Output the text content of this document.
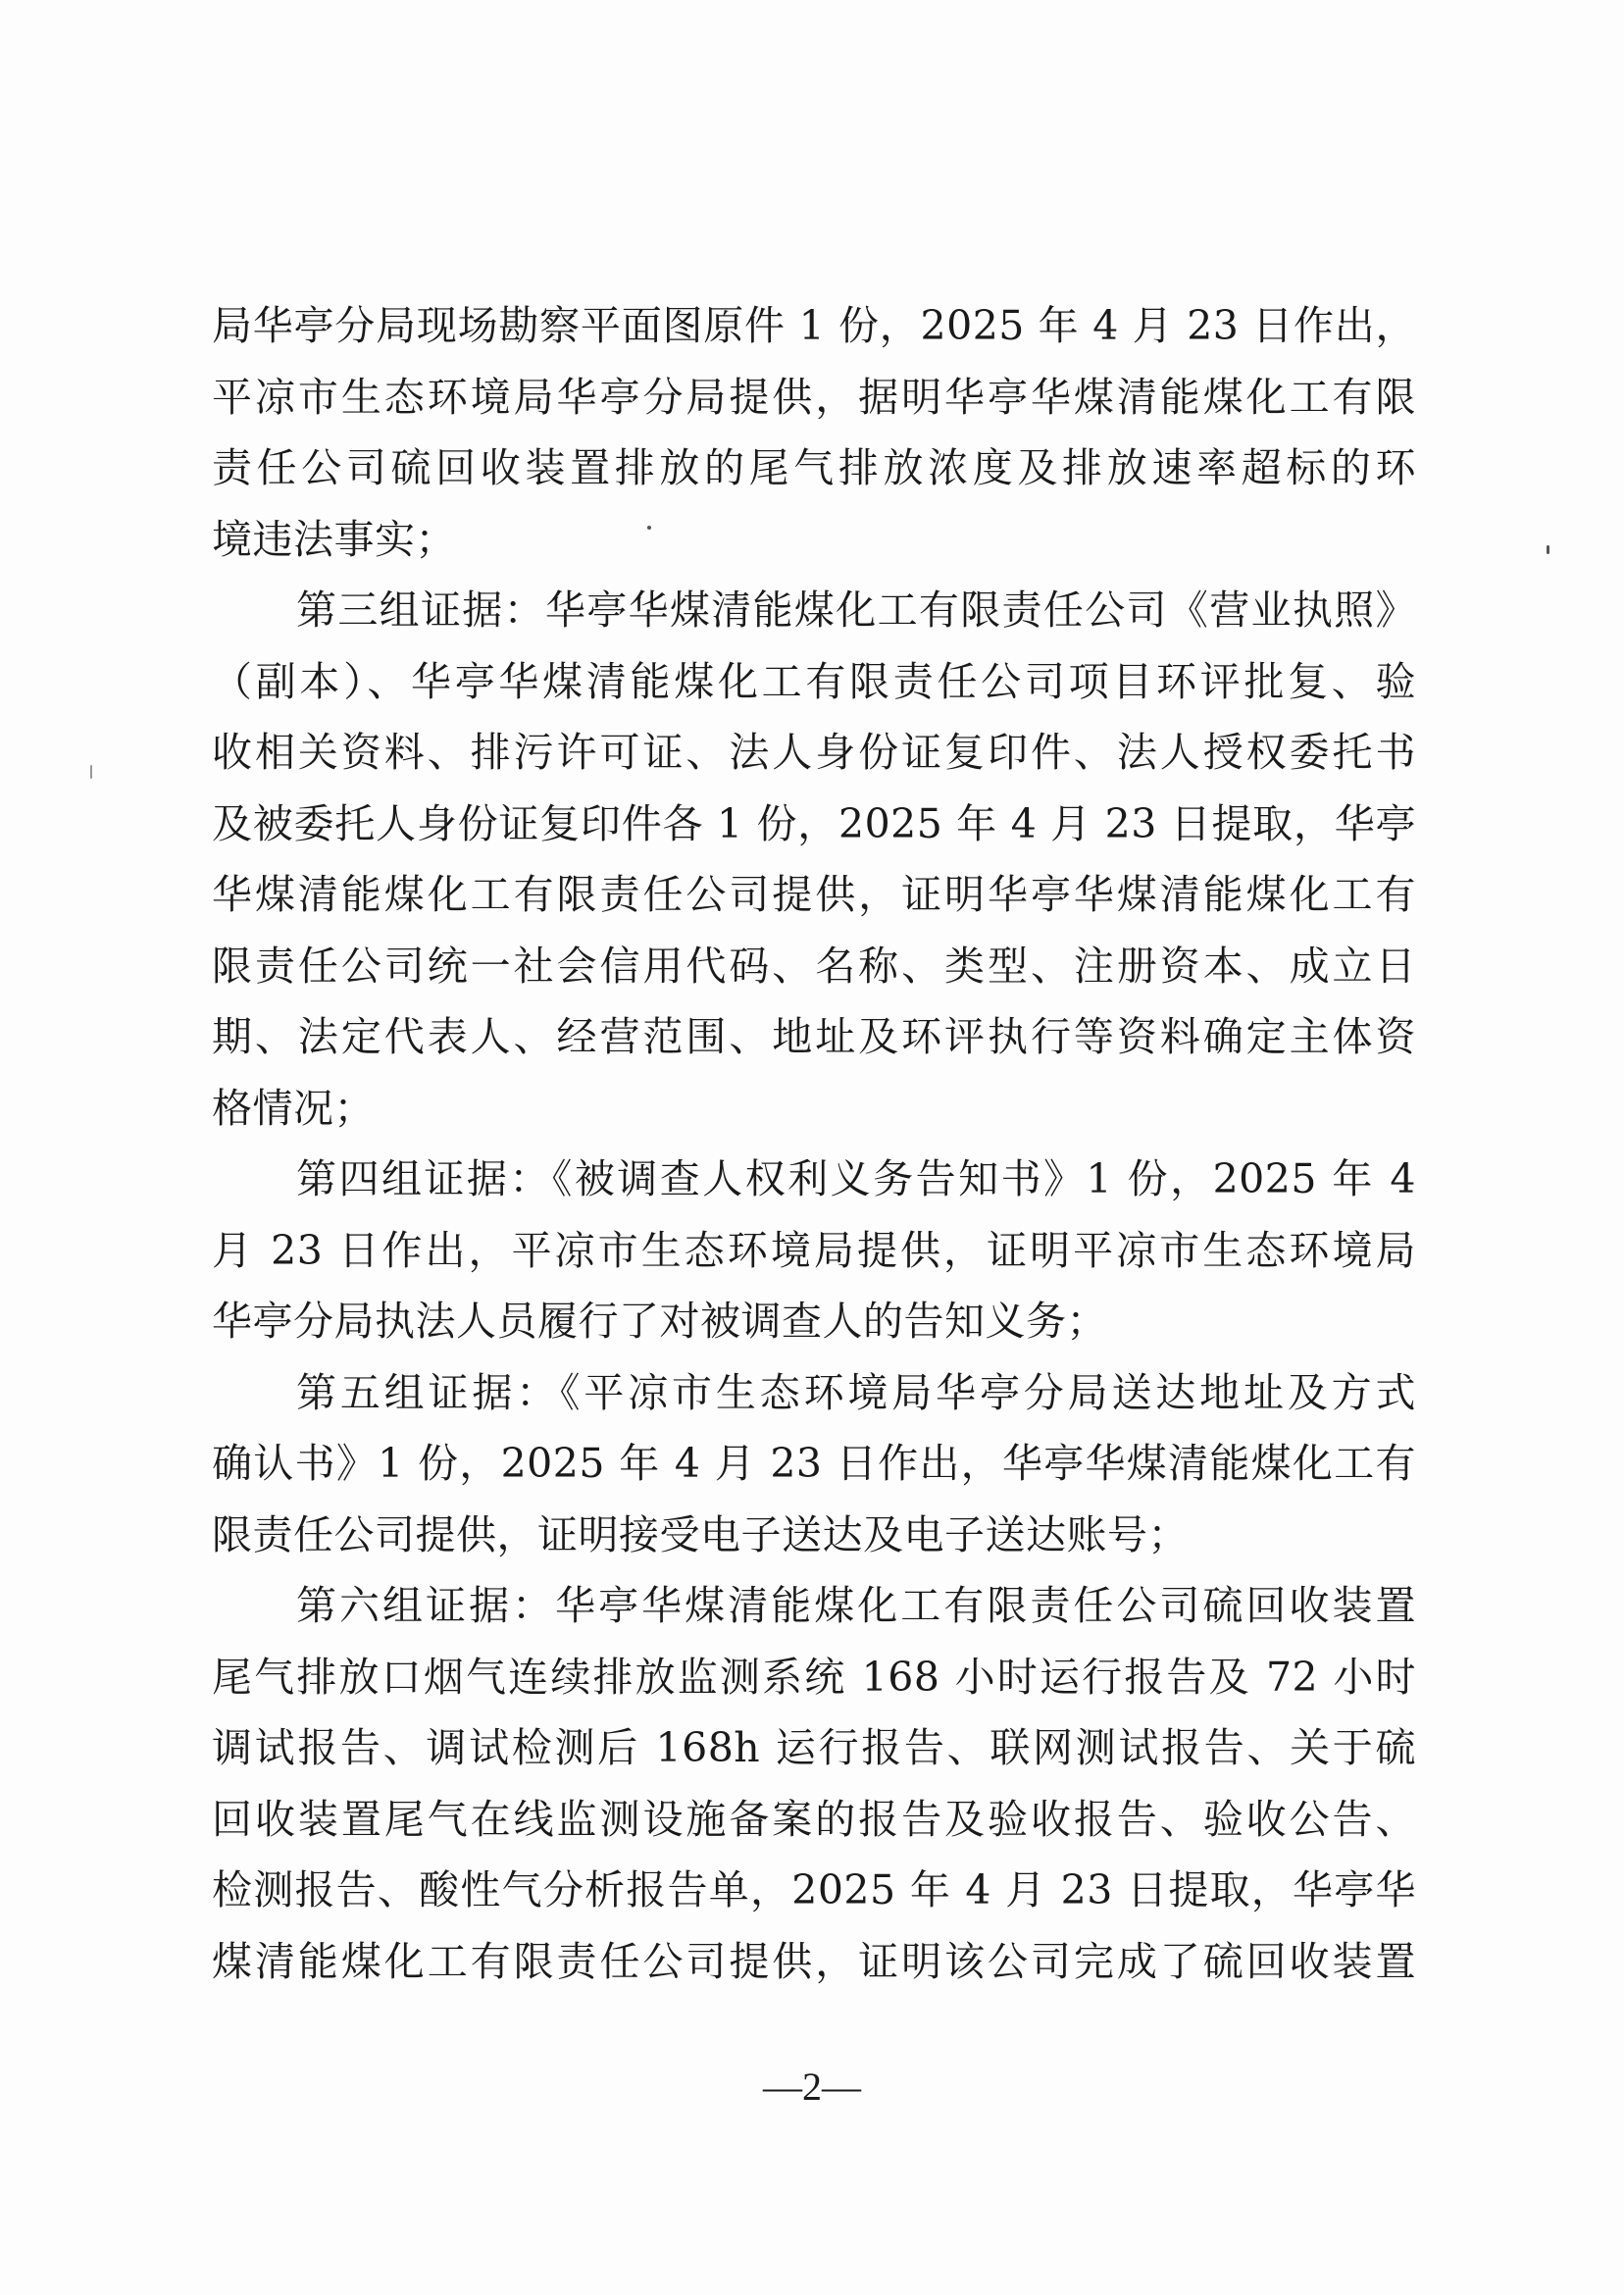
局华亭分局现场勘察平面图原件 1 份，2025 年 4 月 23 日作出，
平凉市生态环境局华亭分局提供，据明华亭华煤清能煤化工有限
责任公司硫回收装置排放的尾气排放浓度及排放速率超标的环
境违法事实；
第三组证据：华亭华煤清能煤化工有限责任公司《营业执照》
（副本）、华亭华煤清能煤化工有限责任公司项目环评批复、验
收相关资料、排污许可证、法人身份证复印件、法人授权委托书
及被委托人身份证复印件各 1 份，2025 年 4 月 23 日提取，华亭
华煤清能煤化工有限责任公司提供，证明华亭华煤清能煤化工有
限责任公司统一社会信用代码、名称、类型、注册资本、成立日
期、法定代表人、经营范围、地址及环评执行等资料确定主体资
格情况；
第四组证据：《被调查人权利义务告知书》1 份，2025 年 4
月 23 日作出，平凉市生态环境局提供，证明平凉市生态环境局
华亭分局执法人员履行了对被调查人的告知义务；
第五组证据：《平凉市生态环境局华亭分局送达地址及方式
确认书》1 份，2025 年 4 月 23 日作出，华亭华煤清能煤化工有
限责任公司提供，证明接受电子送达及电子送达账号；
第六组证据：华亭华煤清能煤化工有限责任公司硫回收装置
尾气排放口烟气连续排放监测系统 168 小时运行报告及 72 小时
调试报告、调试检测后 168h 运行报告、联网测试报告、关于硫
回收装置尾气在线监测设施备案的报告及验收报告、验收公告、
检测报告、酸性气分析报告单，2025 年 4 月 23 日提取，华亭华
煤清能煤化工有限责任公司提供，证明该公司完成了硫回收装置
—2—
